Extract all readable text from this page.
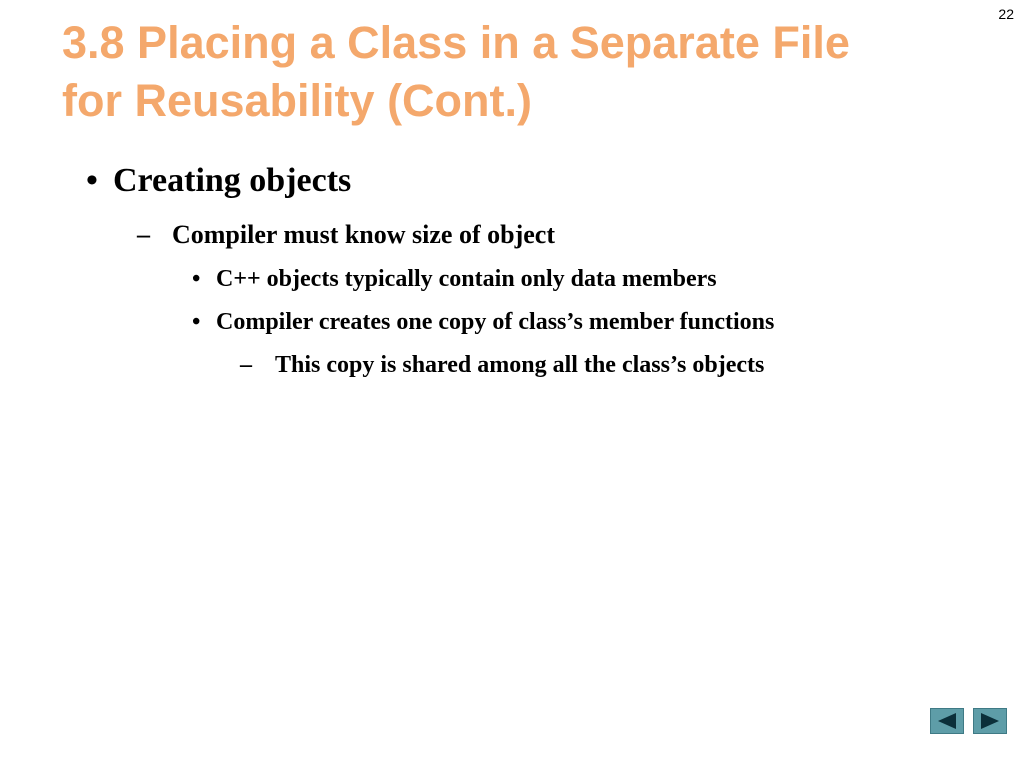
22
3.8 Placing a Class in a Separate File
for Reusability (Cont.)
• Creating objects
– Compiler must know size of object
• C++ objects typically contain only data members
• Compiler creates one copy of class’s member functions
– This copy is shared among all the class’s objects
